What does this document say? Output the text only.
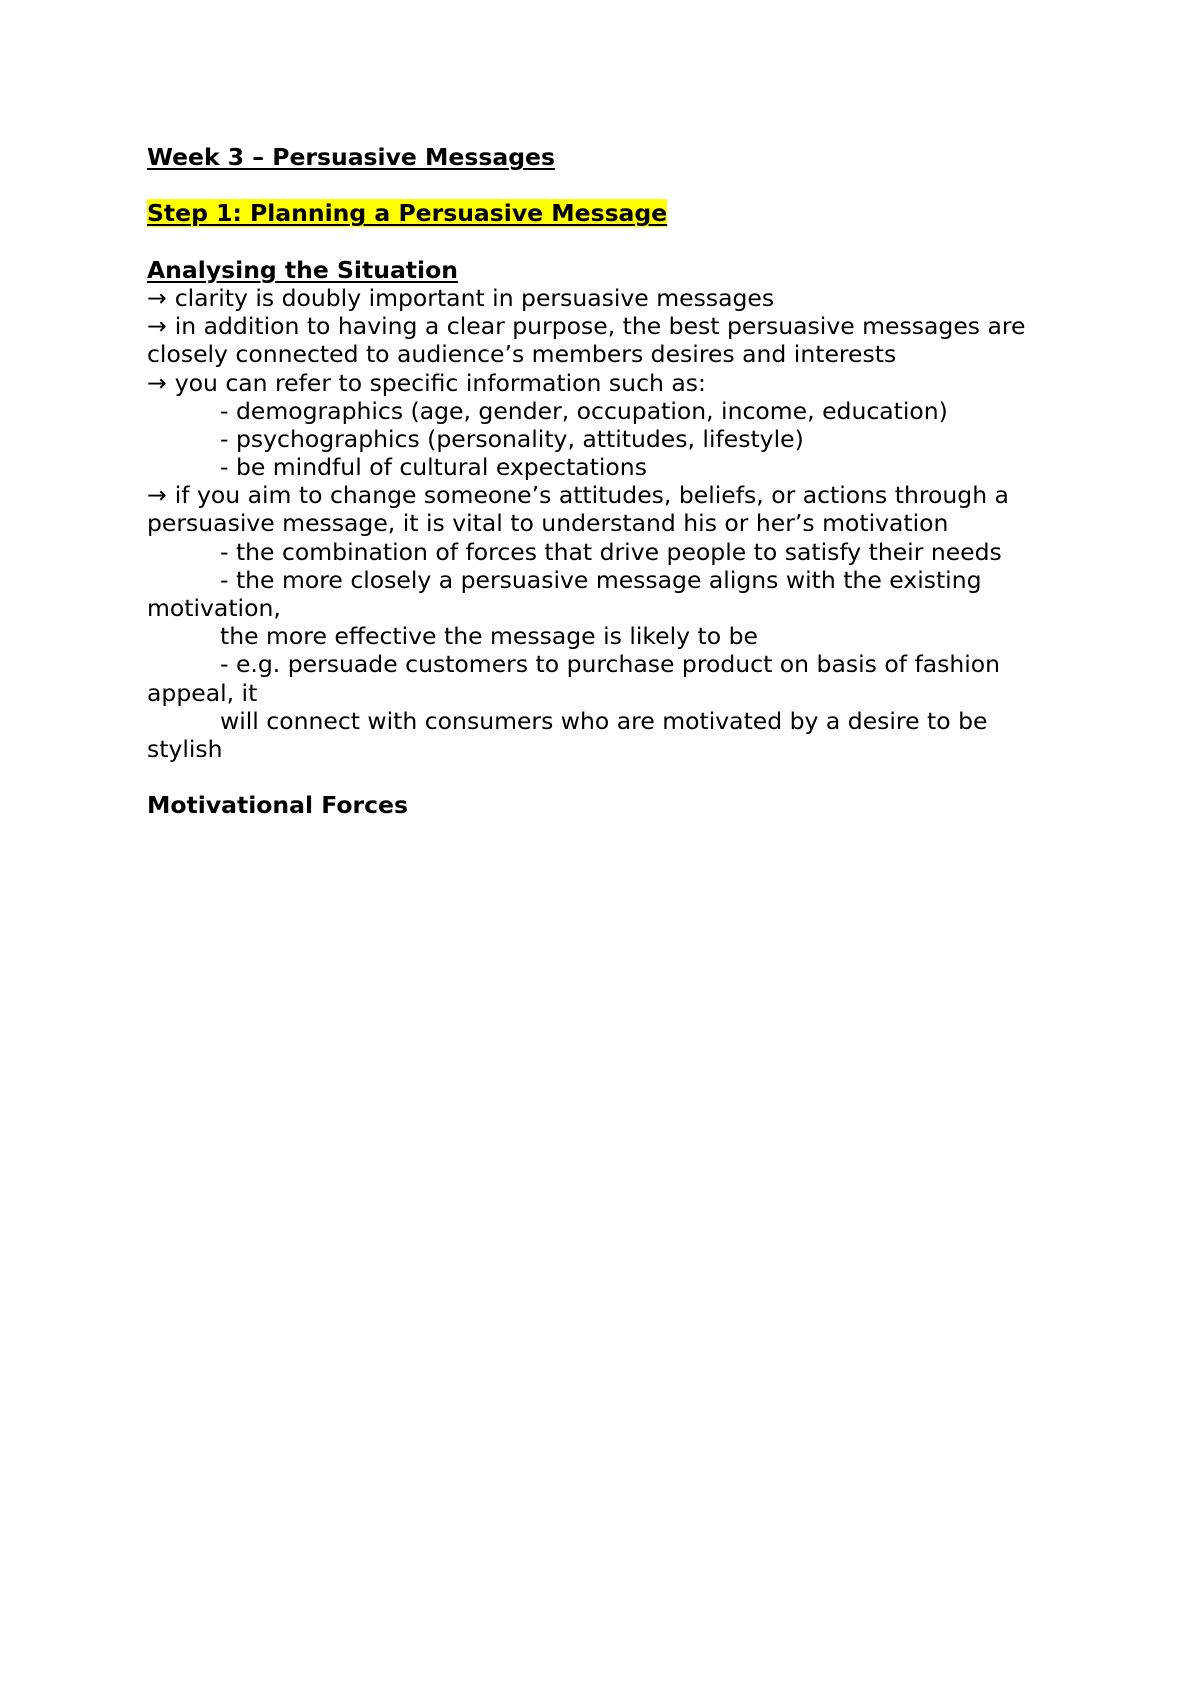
Week 3 – Persuasive Messages
Step 1: Planning a Persuasive Message
Analysing the Situation
→ clarity is doubly important in persuasive messages
→ in addition to having a clear purpose, the best persuasive messages are
closely connected to audience’s members desires and interests
→ you can refer to specific information such as:
- demographics (age, gender, occupation, income, education)
- psychographics (personality, attitudes, lifestyle)
- be mindful of cultural expectations
→ if you aim to change someone’s attitudes, beliefs, or actions through a
persuasive message, it is vital to understand his or her’s motivation
- the combination of forces that drive people to satisfy their needs
- the more closely a persuasive message aligns with the existing
motivation,
the more effective the message is likely to be
- e.g. persuade customers to purchase product on basis of fashion
appeal, it
will connect with consumers who are motivated by a desire to be
stylish
Motivational Forces
